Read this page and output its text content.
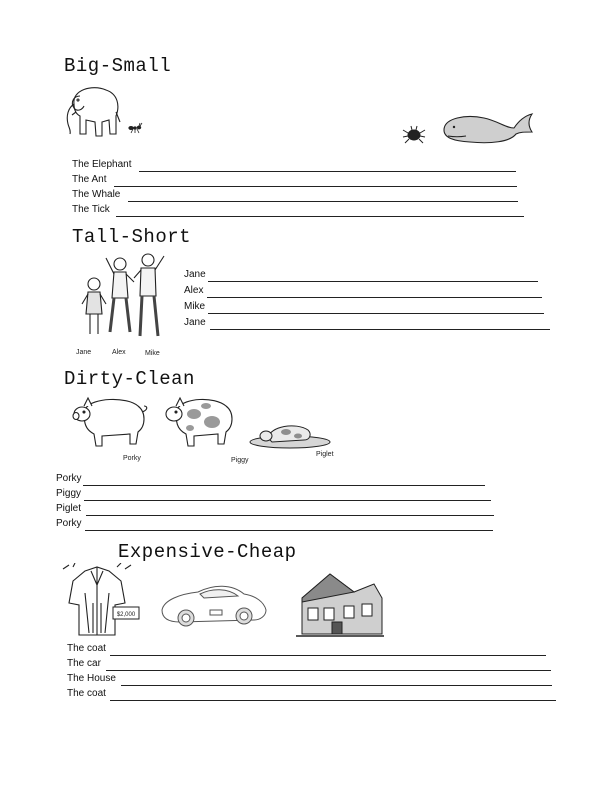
Big-Small
The Elephant
The Ant
The Whale
The Tick
Tall-Short
Jane	Alex	Mike
Jane
Alex
Mike
Jane
Dirty-Clean
Porky	Piggy
Piglet
Porky
Piggy
Piglet
Porky
Expensive-Cheap
$2,000
The coat
The car
The House
The coat
